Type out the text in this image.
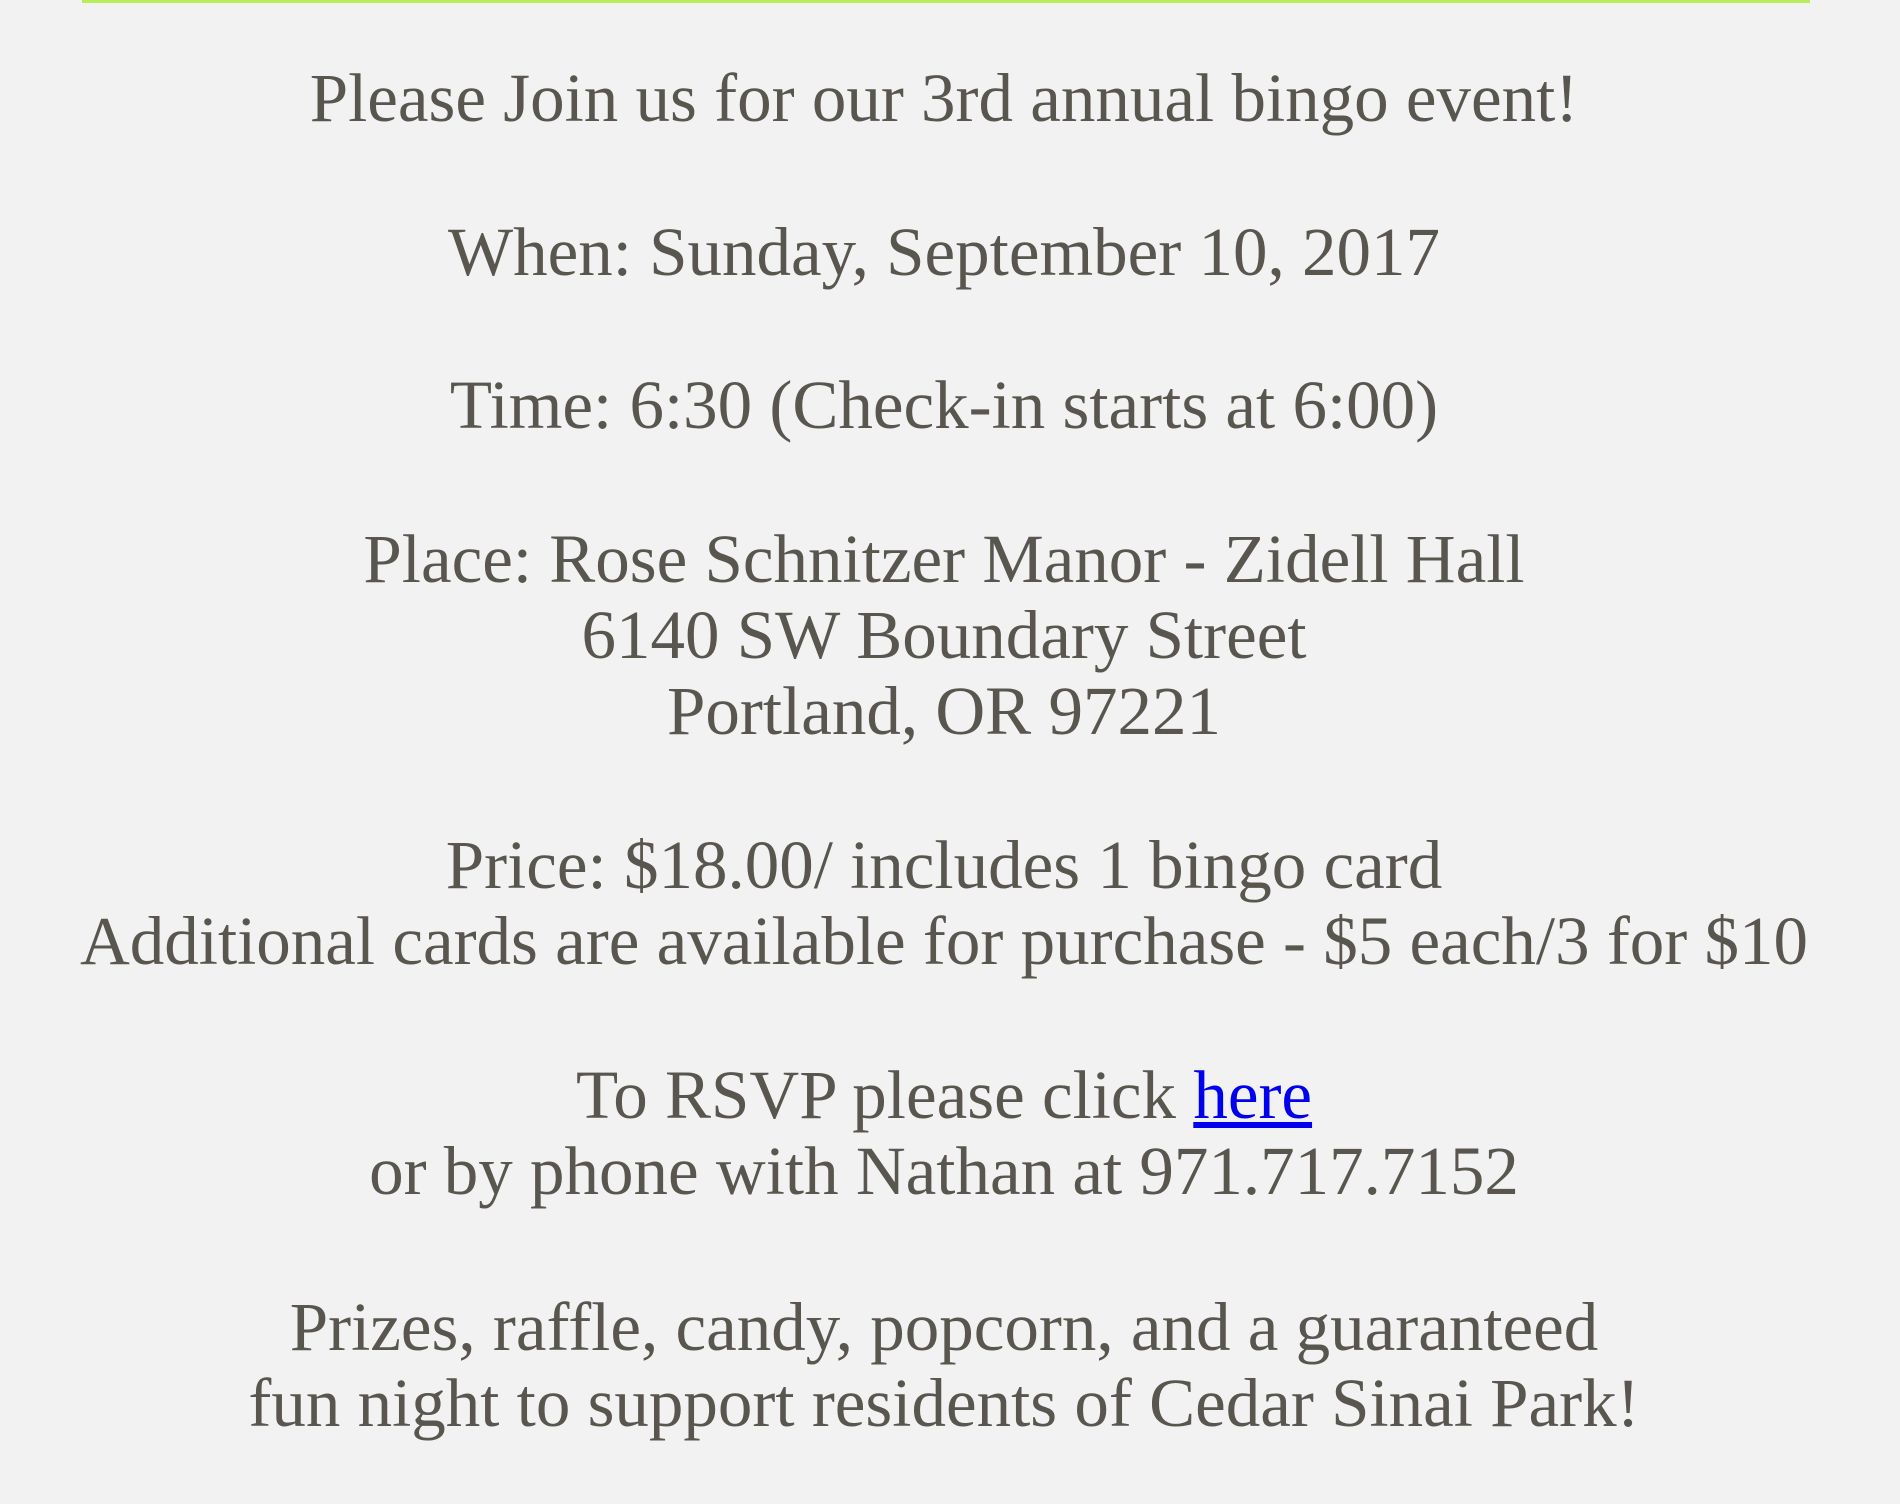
Please Join us for our 3rd annual bingo event!

When: Sunday, September 10, 2017

Time: 6:30 (Check-in starts at 6:00)

Place: Rose Schnitzer Manor - Zidell Hall

6140 SW Boundary Street

Portland, OR 97221

Price: $18.00/ includes 1 bingo card

Additional cards are available for purchase - $5 each/3 for $10

To RSVP please click here

or by phone with Nathan at 971.717.7152

Prizes, raffle, candy, popcorn, and a guaranteed

fun night to support residents of Cedar Sinai Park!
